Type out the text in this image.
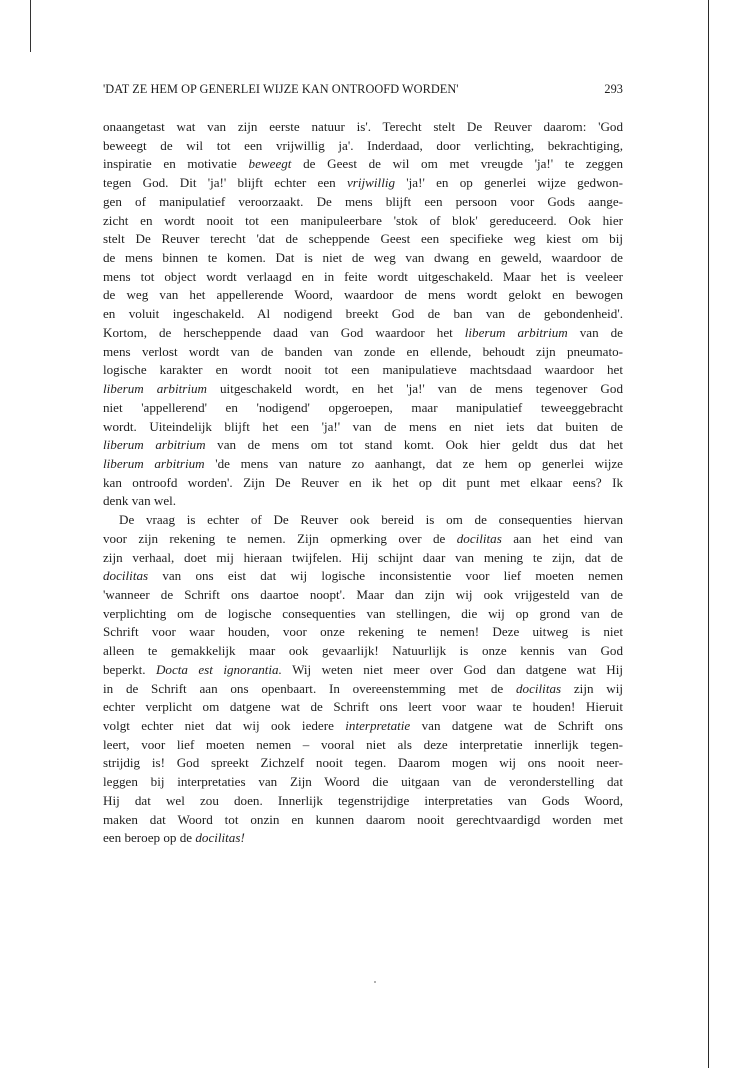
'DAT ZE HEM OP GENERLEI WIJZE KAN ONTROOFD WORDEN'	293
onaangetast wat van zijn eerste natuur is'. Terecht stelt De Reuver daarom: 'God
beweegt de wil tot een vrijwillig ja'. Inderdaad, door verlichting, bekrachtiging,
inspiratie en motivatie beweegt de Geest de wil om met vreugde 'ja!' te zeggen
tegen God. Dit 'ja!' blijft echter een vrijwillig 'ja!' en op generlei wijze gedwon-
gen of manipulatief veroorzaakt. De mens blijft een persoon voor Gods aange-
zicht en wordt nooit tot een manipuleerbare 'stok of blok' gereduceerd. Ook hier
stelt De Reuver terecht 'dat de scheppende Geest een specifieke weg kiest om bij
de mens binnen te komen. Dat is niet de weg van dwang en geweld, waardoor de
mens tot object wordt verlaagd en in feite wordt uitgeschakeld. Maar het is veeleer
de weg van het appellerende Woord, waardoor de mens wordt gelokt en bewogen
en voluit ingeschakeld. Al nodigend breekt God de ban van de gebondenheid'.
Kortom, de herscheppende daad van God waardoor het liberum arbitrium van de
mens verlost wordt van de banden van zonde en ellende, behoudt zijn pneumato-
logische karakter en wordt nooit tot een manipulatieve machtsdaad waardoor het
liberum arbitrium uitgeschakeld wordt, en het 'ja!' van de mens tegenover God
niet 'appellerend' en 'nodigend' opgeroepen, maar manipulatief teweeggebracht
wordt. Uiteindelijk blijft het een 'ja!' van de mens en niet iets dat buiten de
liberum arbitrium van de mens om tot stand komt. Ook hier geldt dus dat het
liberum arbitrium 'de mens van nature zo aanhangt, dat ze hem op generlei wijze
kan ontroofd worden'. Zijn De Reuver en ik het op dit punt met elkaar eens? Ik
denk van wel.
De vraag is echter of De Reuver ook bereid is om de consequenties hiervan
voor zijn rekening te nemen. Zijn opmerking over de docilitas aan het eind van
zijn verhaal, doet mij hieraan twijfelen. Hij schijnt daar van mening te zijn, dat de
docilitas van ons eist dat wij logische inconsistentie voor lief moeten nemen
'wanneer de Schrift ons daartoe noopt'. Maar dan zijn wij ook vrijgesteld van de
verplichting om de logische consequenties van stellingen, die wij op grond van de
Schrift voor waar houden, voor onze rekening te nemen! Deze uitweg is niet
alleen te gemakkelijk maar ook gevaarlijk! Natuurlijk is onze kennis van God
beperkt. Docta est ignorantia. Wij weten niet meer over God dan datgene wat Hij
in de Schrift aan ons openbaart. In overeenstemming met de docilitas zijn wij
echter verplicht om datgene wat de Schrift ons leert voor waar te houden! Hieruit
volgt echter niet dat wij ook iedere interpretatie van datgene wat de Schrift ons
leert, voor lief moeten nemen – vooral niet als deze interpretatie innerlijk tegen-
strijdig is! God spreekt Zichzelf nooit tegen. Daarom mogen wij ons nooit neer-
leggen bij interpretaties van Zijn Woord die uitgaan van de veronderstelling dat
Hij dat wel zou doen. Innerlijk tegenstrijdige interpretaties van Gods Woord,
maken dat Woord tot onzin en kunnen daarom nooit gerechtvaardigd worden met
een beroep op de docilitas!
